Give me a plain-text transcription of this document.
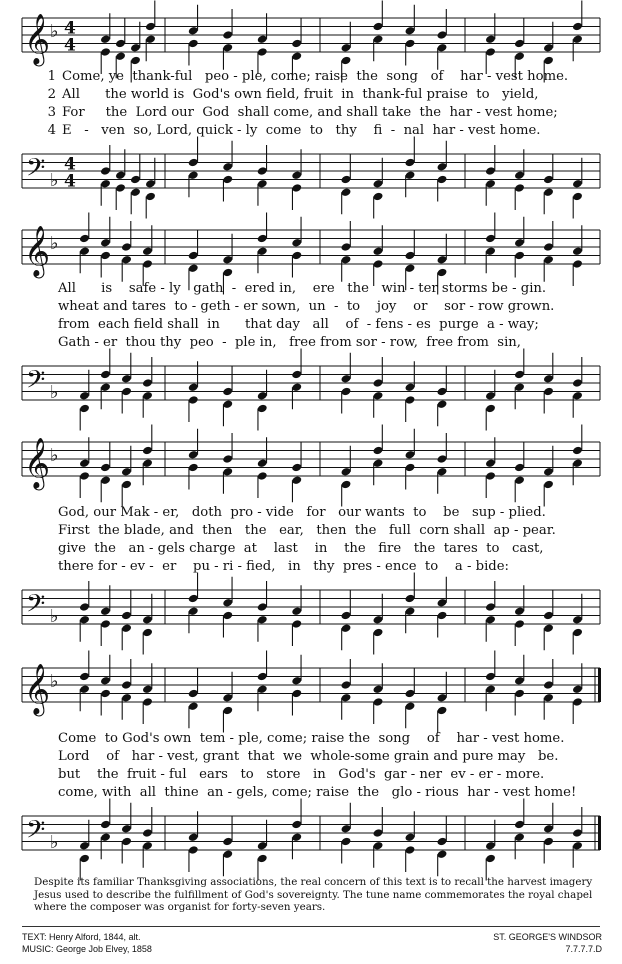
𝄞 ♭ 4
4
1 Come, ye  thank-ful   peo - ple, come; raise  the  song   of    har - vest home.
2 All      the world is  God's own field, fruit  in  thank-ful praise  to   yield,
3 For     the  Lord our  God  shall come, and shall take  the  har - vest home;
4 E   -   ven  so, Lord, quick - ly  come  to   thy    fi  -  nal  har - vest home.
𝄢 ♭
4
4
𝄞 ♭
All      is    safe - ly   gath  -  ered in,    ere   the   win - ter storms be - gin.
wheat and tares  to - geth - er sown,  un  -  to    joy    or    sor - row grown.
from  each field shall  in      that day   all    of  - fens - es  purge  a - way;
Gath - er  thou thy  peo  -  ple in,   free from sor - row,  free from  sin,
𝄢 ♭
𝄞 ♭
God, our Mak - er,   doth  pro - vide   for   our wants  to    be   sup - plied.
First  the blade, and  then   the   ear,   then  the   full  corn shall  ap - pear.
give  the   an - gels charge  at    last    in    the   fire   the  tares  to   cast,
there for - ev -  er    pu - ri - fied,   in   thy  pres - ence  to    a - bide:
𝄢 ♭
𝄞 ♭
Come  to God's own  tem - ple, come; raise the  song    of    har - vest home.
Lord    of   har - vest, grant  that  we  whole-some grain and pure may   be.
but    the  fruit - ful   ears   to   store   in   God's  gar - ner  ev - er - more.
come, with  all  thine  an - gels, come; raise  the   glo - rious  har - vest home!
𝄢 ♭
Despite its familiar Thanksgiving associations, the real concern of this text is to recall the harvest imagery Jesus used to describe the fulfillment of God's sovereignty. The tune name commemorates the royal chapel where the composer was organist for forty-seven years.
TEXT: Henry Alford, 1844, alt.
MUSIC: George Job Elvey, 1858
ST. GEORGE'S WINDSOR
7.7.7.7.D
